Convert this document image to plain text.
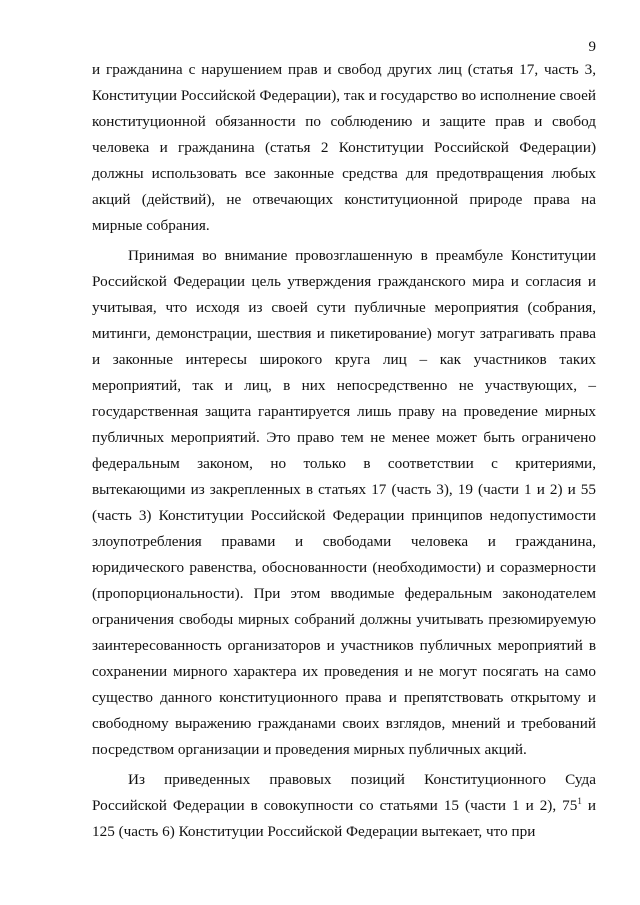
9

и гражданина с нарушением прав и свобод других лиц (статья 17, часть 3, Конституции Российской Федерации), так и государство во исполнение своей конституционной обязанности по соблюдению и защите прав и свобод человека и гражданина (статья 2 Конституции Российской Федерации) должны использовать все законные средства для предотвращения любых акций (действий), не отвечающих конституционной природе права на мирные собрания.

Принимая во внимание провозглашенную в преамбуле Конституции Российской Федерации цель утверждения гражданского мира и согласия и учитывая, что исходя из своей сути публичные мероприятия (собрания, митинги, демонстрации, шествия и пикетирование) могут затрагивать права и законные интересы широкого круга лиц – как участников таких мероприятий, так и лиц, в них непосредственно не участвующих, – государственная защита гарантируется лишь праву на проведение мирных публичных мероприятий. Это право тем не менее может быть ограничено федеральным законом, но только в соответствии с критериями, вытекающими из закрепленных в статьях 17 (часть 3), 19 (части 1 и 2) и 55 (часть 3) Конституции Российской Федерации принципов недопустимости злоупотребления правами и свободами человека и гражданина, юридического равенства, обоснованности (необходимости) и соразмерности (пропорциональности). При этом вводимые федеральным законодателем ограничения свободы мирных собраний должны учитывать презюмируемую заинтересованность организаторов и участников публичных мероприятий в сохранении мирного характера их проведения и не могут посягать на само существо данного конституционного права и препятствовать открытому и свободному выражению гражданами своих взглядов, мнений и требований посредством организации и проведения мирных публичных акций.

Из приведенных правовых позиций Конституционного Суда Российской Федерации в совокупности со статьями 15 (части 1 и 2), $75^1$ и 125 (часть 6) Конституции Российской Федерации вытекает, что при
